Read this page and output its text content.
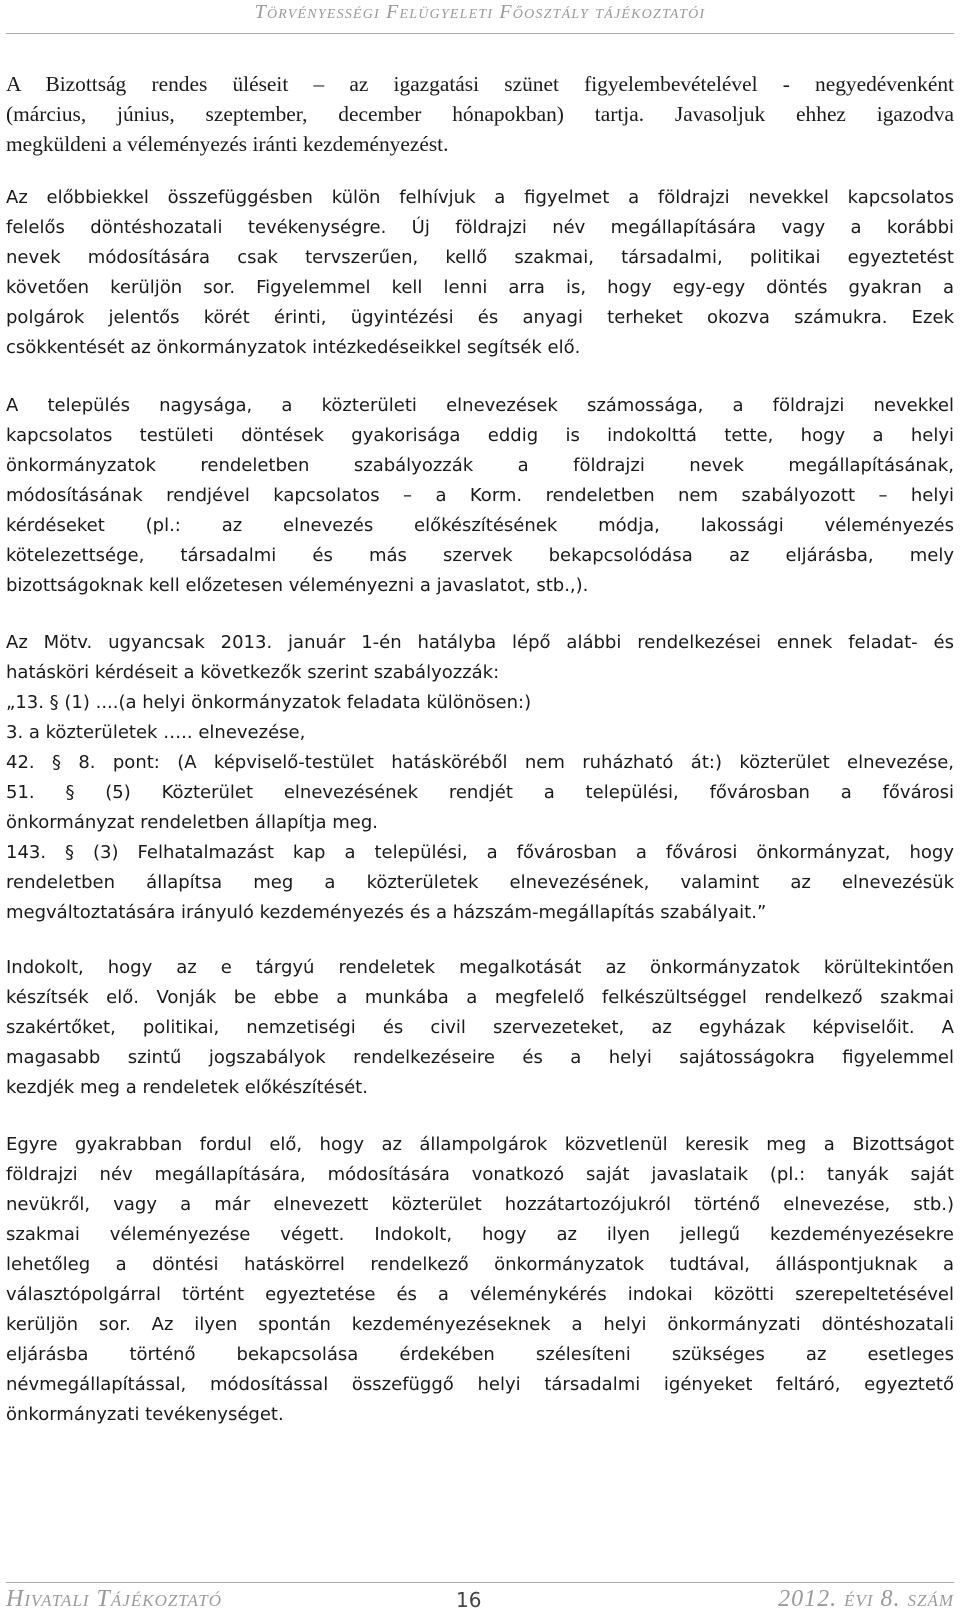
Törvényességi Felügyeleti Főosztály tájékoztatói
A Bizottság rendes üléseit – az igazgatási szünet figyelembevételével - negyedévenként
(március, június, szeptember, december hónapokban) tartja. Javasoljuk ehhez igazodva
megküldeni a véleményezés iránti kezdeményezést.
Az előbbiekkel összefüggésben külön felhívjuk a figyelmet a földrajzi nevekkel kapcsolatos
felelős döntéshozatali tevékenységre. Új földrajzi név megállapítására vagy a korábbi
nevek módosítására csak tervszerűen, kellő szakmai, társadalmi, politikai egyeztetést
követően kerüljön sor. Figyelemmel kell lenni arra is, hogy egy-egy döntés gyakran a
polgárok jelentős körét érinti, ügyintézési és anyagi terheket okozva számukra. Ezek
csökkentését az önkormányzatok intézkedéseikkel segítsék elő.
A település nagysága, a közterületi elnevezések számossága, a földrajzi nevekkel
kapcsolatos testületi döntések gyakorisága eddig is indokolttá tette, hogy a helyi
önkormányzatok rendeletben szabályozzák a földrajzi nevek megállapításának,
módosításának rendjével kapcsolatos – a Korm. rendeletben nem szabályozott – helyi
kérdéseket (pl.: az elnevezés előkészítésének módja, lakossági véleményezés
kötelezettsége, társadalmi és más szervek bekapcsolódása az eljárásba, mely
bizottságoknak kell előzetesen véleményezni a javaslatot, stb.,).
Az Mötv. ugyancsak 2013. január 1-én hatályba lépő alábbi rendelkezései ennek feladat- és
hatásköri kérdéseit a következők szerint szabályozzák:
„13. § (1) ....(a helyi önkormányzatok feladata különösen:)
3. a közterületek ….. elnevezése,
42. § 8. pont: (A képviselő-testület hatásköréből nem ruházható át:) közterület elnevezése,
51. § (5) Közterület elnevezésének rendjét a települési, fővárosban a fővárosi
önkormányzat rendeletben állapítja meg.
143. § (3) Felhatalmazást kap a települési, a fővárosban a fővárosi önkormányzat, hogy
rendeletben állapítsa meg a közterületek elnevezésének, valamint az elnevezésük
megváltoztatására irányuló kezdeményezés és a házszám-megállapítás szabályait.”
Indokolt, hogy az e tárgyú rendeletek megalkotását az önkormányzatok körültekintően
készítsék elő. Vonják be ebbe a munkába a megfelelő felkészültséggel rendelkező szakmai
szakértőket, politikai, nemzetiségi és civil szervezeteket, az egyházak képviselőit. A
magasabb szintű jogszabályok rendelkezéseire és a helyi sajátosságokra figyelemmel
kezdjék meg a rendeletek előkészítését.
Egyre gyakrabban fordul elő, hogy az állampolgárok közvetlenül keresik meg a Bizottságot
földrajzi név megállapítására, módosítására vonatkozó saját javaslataik (pl.: tanyák saját
nevükről, vagy a már elnevezett közterület hozzátartozójukról történő elnevezése, stb.)
szakmai véleményezése végett. Indokolt, hogy az ilyen jellegű kezdeményezésekre
lehetőleg a döntési hatáskörrel rendelkező önkormányzatok tudtával, álláspontjuknak a
választópolgárral történt egyeztetése és a véleménykérés indokai közötti szerepeltetésével
kerüljön sor. Az ilyen spontán kezdeményezéseknek a helyi önkormányzati döntéshozatali
eljárásba történő bekapcsolása érdekében szélesíteni szükséges az esetleges
névmegállapítással, módosítással összefüggő helyi társadalmi igényeket feltáró, egyeztető
önkormányzati tevékenységet.
Hivatali Tájékoztató	16	2012. évi 8. szám
